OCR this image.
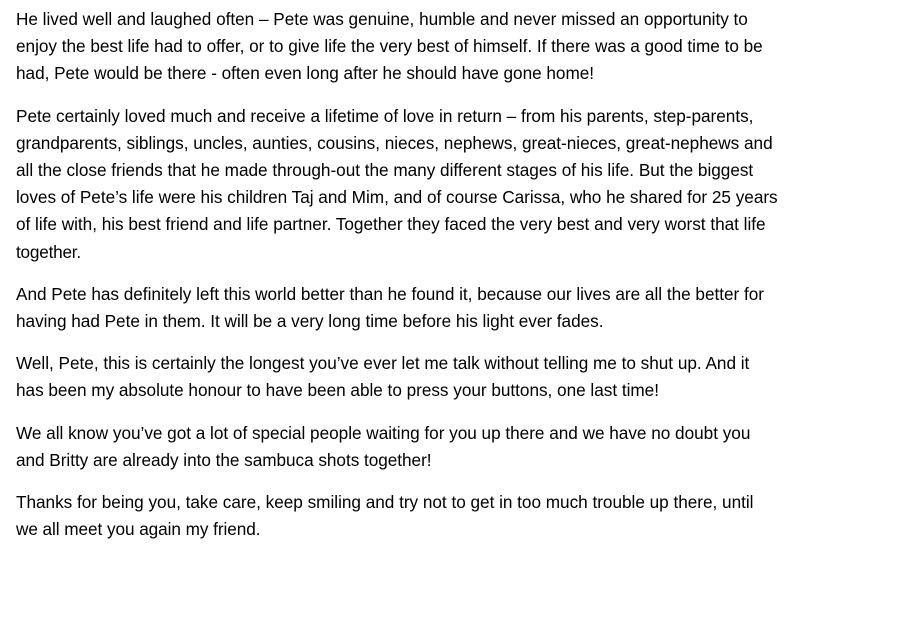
He lived well and laughed often – Pete was genuine, humble and never missed an opportunity to
enjoy the best life had to offer, or to give life the very best of himself. If there was a good time to be
had, Pete would be there - often even long after he should have gone home!

Pete certainly loved much and receive a lifetime of love in return – from his parents, step-parents,
grandparents, siblings, uncles, aunties, cousins, nieces, nephews, great-nieces, great-nephews and
all the close friends that he made through-out the many different stages of his life. But the biggest
loves of Pete’s life were his children Taj and Mim, and of course Carissa, who he shared for 25 years
of life with, his best friend and life partner. Together they faced the very best and very worst that life
together.

And Pete has definitely left this world better than he found it, because our lives are all the better for
having had Pete in them. It will be a very long time before his light ever fades.

Well, Pete, this is certainly the longest you’ve ever let me talk without telling me to shut up. And it
has been my absolute honour to have been able to press your buttons, one last time!

We all know you’ve got a lot of special people waiting for you up there and we have no doubt you
and Britty are already into the sambuca shots together!

Thanks for being you, take care, keep smiling and try not to get in too much trouble up there, until
we all meet you again my friend.
